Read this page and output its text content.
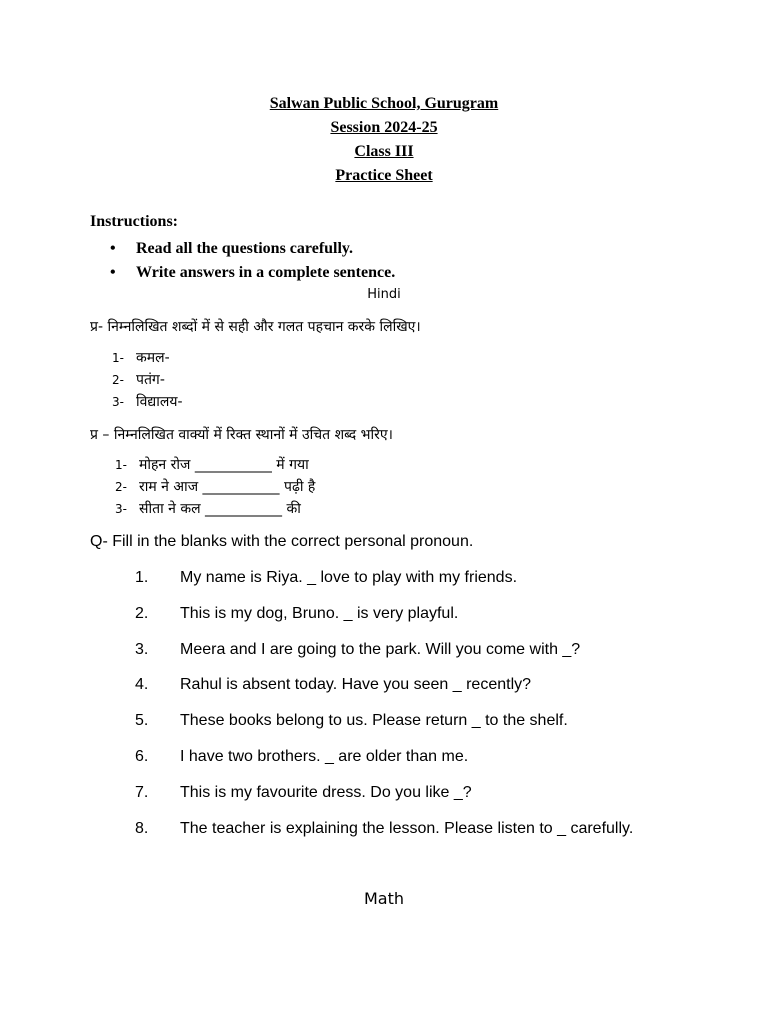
Salwan Public School, Gurugram
Session 2024-25
Class III
Practice Sheet
Instructions:
• Read all the questions carefully.
• Write answers in a complete sentence.
Hindi
प्र- निम्नलिखित शब्दों में से सही और गलत पहचान करके लिखिए।
1- कमल-
2- पतंग-
3- विद्यालय-
प्र – निम्नलिखित वाक्यों में रिक्त स्थानों में उचित शब्द भरिए।
1- मोहन रोज ___________ में गया
2- राम ने आज ___________ पढ़ी है
3- सीता ने कल ___________ की
Q- Fill in the blanks with the correct personal pronoun.
1. My name is Riya. _ love to play with my friends.
2. This is my dog, Bruno. _ is very playful.
3. Meera and I are going to the park. Will you come with _?
4. Rahul is absent today. Have you seen _ recently?
5. These books belong to us. Please return _ to the shelf.
6. I have two brothers. _ are older than me.
7. This is my favourite dress. Do you like _?
8. The teacher is explaining the lesson. Please listen to _ carefully.
Math
